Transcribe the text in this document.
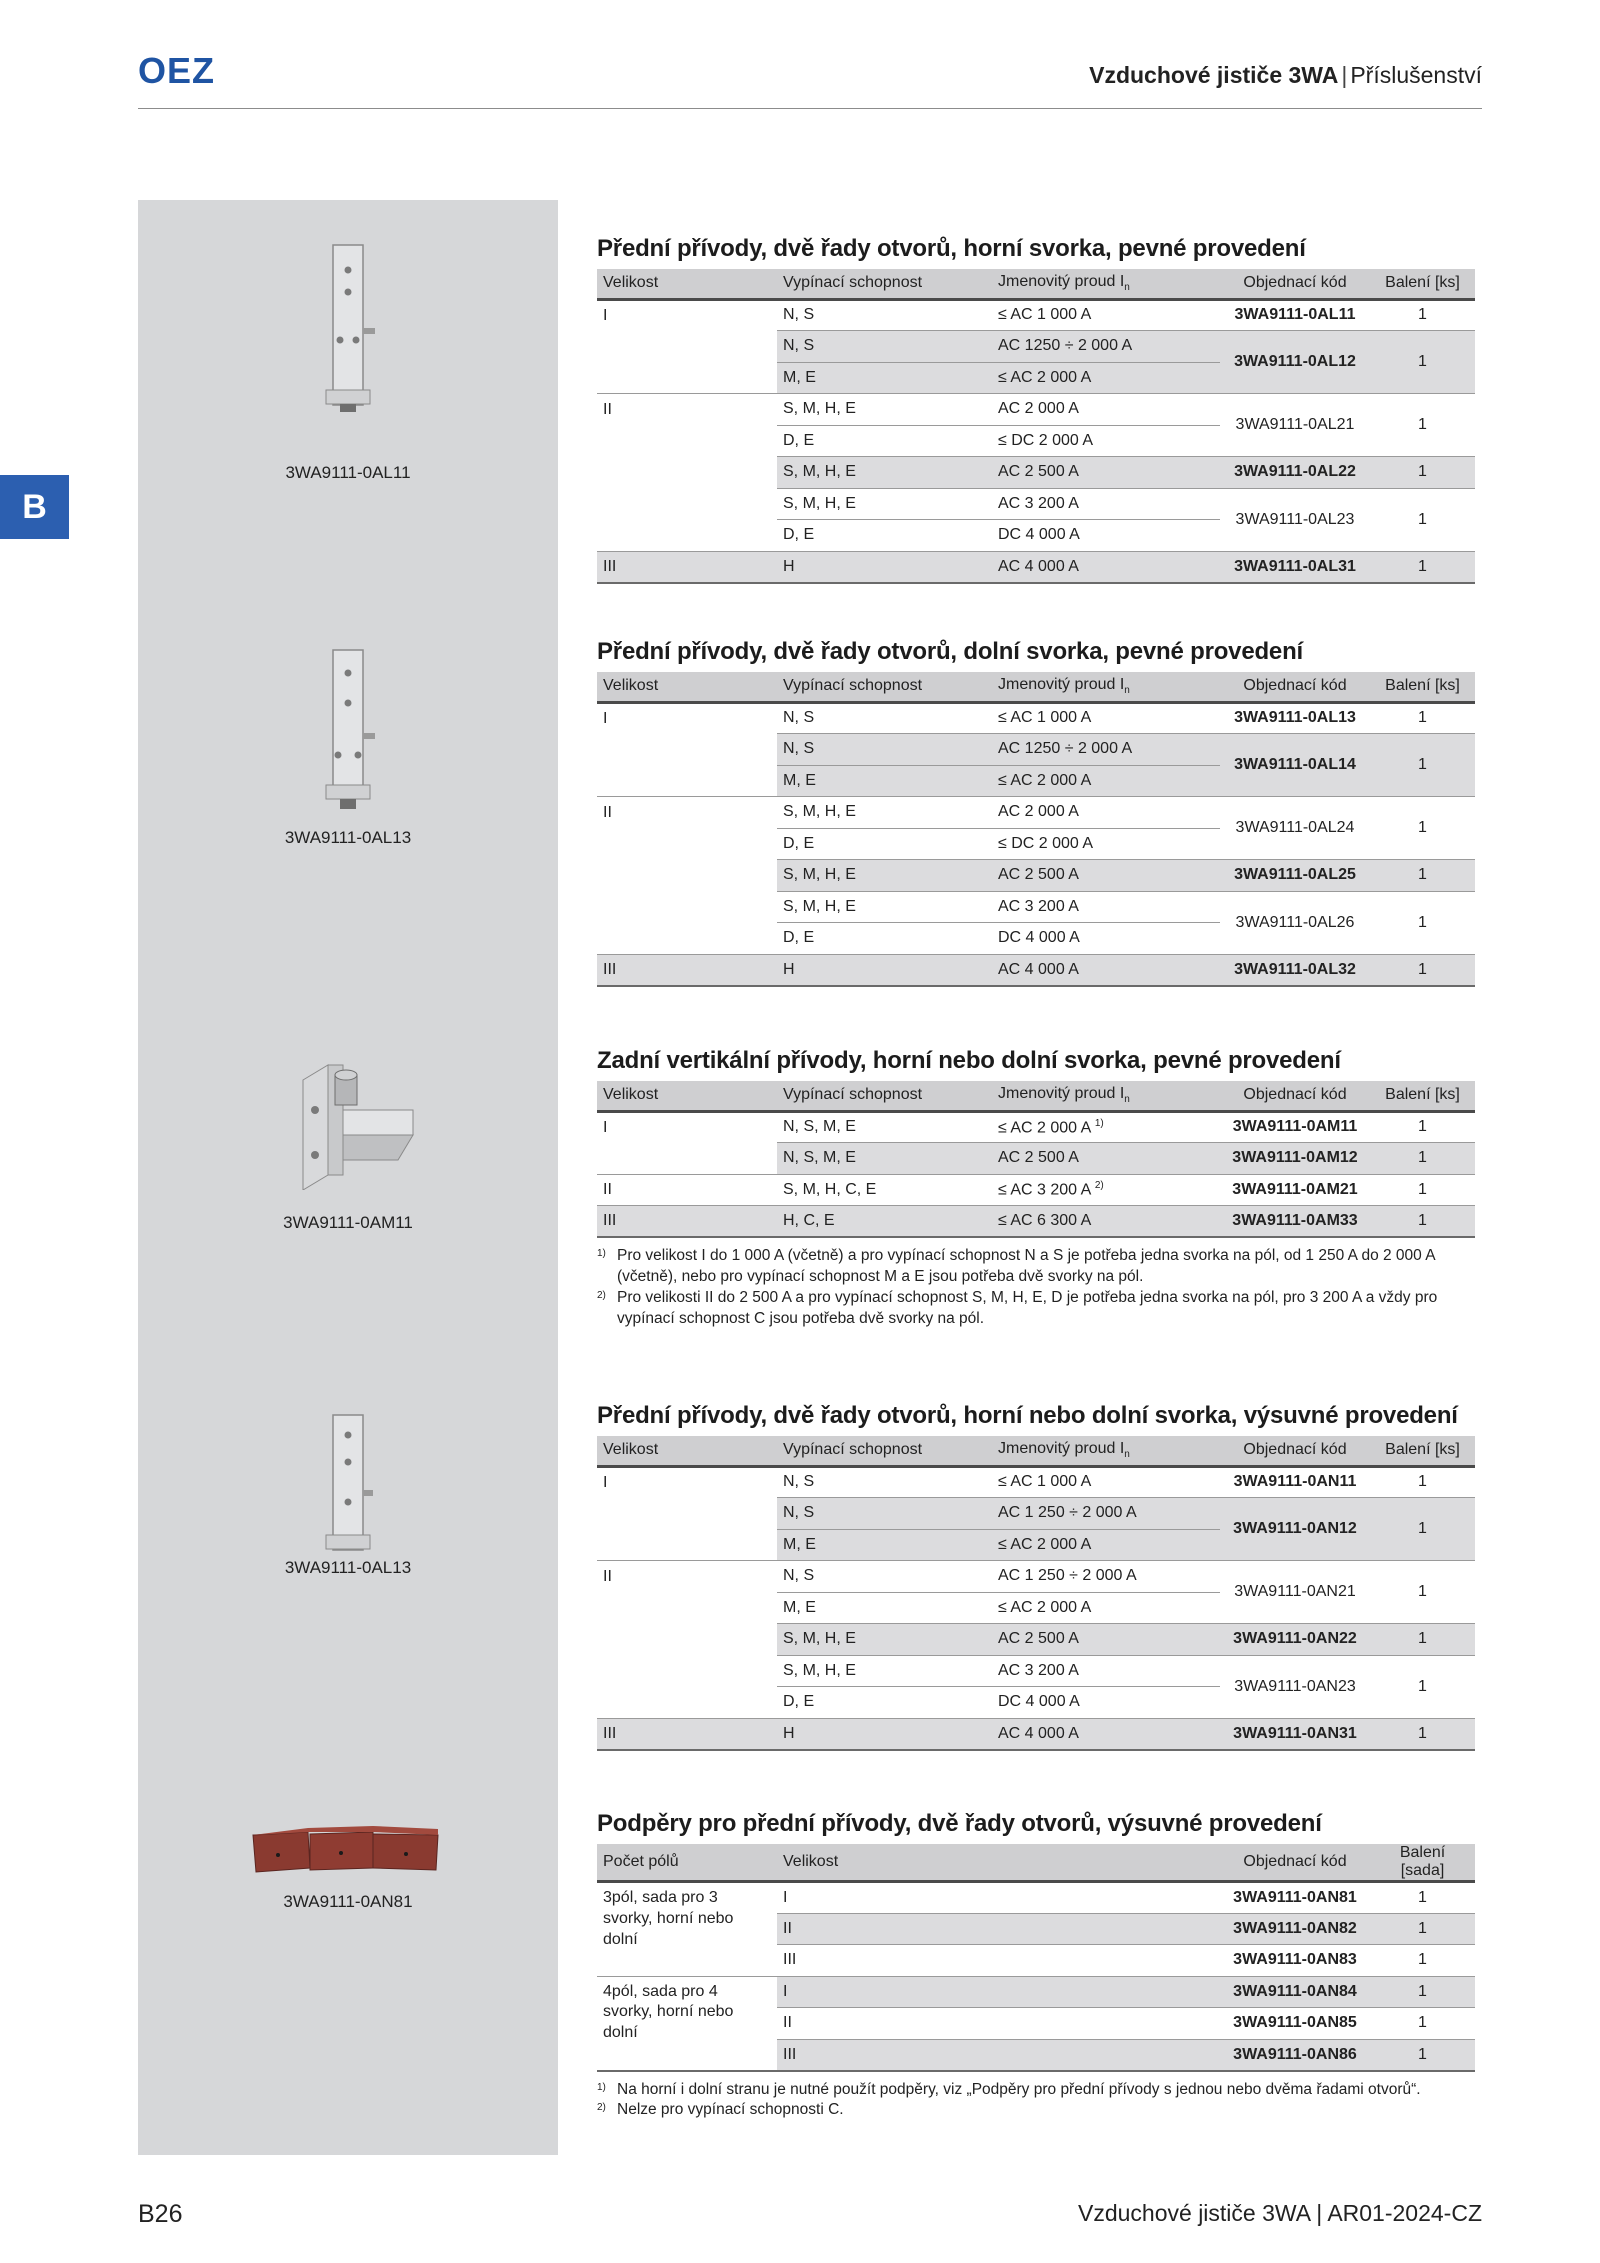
OEZ	Vzduchové jističe 3WA | Příslušenství
B
3WA9111-0AL11
3WA9111-0AL13
3WA9111-0AM11
3WA9111-0AL13
3WA9111-0AN81
Přední přívody, dvě řady otvorů, horní svorka, pevné provedení
Velikost	Vypínací schopnost	Jmenovitý proud $I_n$	Objednací kód	Balení [ks]
I	N, S	≤ AC 1 000 A	3WA9111-0AL11	1
	N, S	AC 1250 ÷ 2 000 A	3WA9111-0AL12	1
	M, E	≤ AC 2 000 A		
II	S, M, H, E	AC 2 000 A	3WA9111-0AL21	1
	D, E	≤ DC 2 000 A		
	S, M, H, E	AC 2 500 A	3WA9111-0AL22	1
	S, M, H, E	AC 3 200 A	3WA9111-0AL23	1
	D, E	DC 4 000 A		
III	H	AC 4 000 A	3WA9111-0AL31	1
Přední přívody, dvě řady otvorů, dolní svorka, pevné provedení
Velikost	Vypínací schopnost	Jmenovitý proud $I_n$	Objednací kód	Balení [ks]
I	N, S	≤ AC 1 000 A	3WA9111-0AL13	1
	N, S	AC 1250 ÷ 2 000 A	3WA9111-0AL14	1
	M, E	≤ AC 2 000 A		
II	S, M, H, E	AC 2 000 A	3WA9111-0AL24	1
	D, E	≤ DC 2 000 A		
	S, M, H, E	AC 2 500 A	3WA9111-0AL25	1
	S, M, H, E	AC 3 200 A	3WA9111-0AL26	1
	D, E	DC 4 000 A		
III	H	AC 4 000 A	3WA9111-0AL32	1
Zadní vertikální přívody, horní nebo dolní svorka, pevné provedení
Velikost	Vypínací schopnost	Jmenovitý proud $I_n$	Objednací kód	Balení [ks]
I	N, S, M, E	≤ AC 2 000 A $^{1)}$	3WA9111-0AM11	1
	N, S, M, E	AC 2 500 A	3WA9111-0AM12	1
II	S, M, H, C, E	≤ AC 3 200 A $^{2)}$	3WA9111-0AM21	1
III	H, C, E	≤ AC 6 300 A	3WA9111-0AM33	1
1) Pro velikost I do 1 000 A (včetně) a pro vypínací schopnost N a S je potřeba jedna svorka na pól, od 1 250 A do 2 000 A (včetně), nebo pro vypínací schopnost M a E jsou potřeba dvě svorky na pól.
2) Pro velikosti II do 2 500 A a pro vypínací schopnost S, M, H, E, D je potřeba jedna svorka na pól, pro 3 200 A a vždy pro vypínací schopnost C jsou potřeba dvě svorky na pól.
Přední přívody, dvě řady otvorů, horní nebo dolní svorka, výsuvné provedení
Velikost	Vypínací schopnost	Jmenovitý proud $I_n$	Objednací kód	Balení [ks]
I	N, S	≤ AC 1 000 A	3WA9111-0AN11	1
	N, S	AC 1 250 ÷ 2 000 A	3WA9111-0AN12	1
	M, E	≤ AC 2 000 A		
II	N, S	AC 1 250 ÷ 2 000 A	3WA9111-0AN21	1
	M, E	≤ AC 2 000 A		
	S, M, H, E	AC 2 500 A	3WA9111-0AN22	1
	S, M, H, E	AC 3 200 A	3WA9111-0AN23	1
	D, E	DC 4 000 A		
III	H	AC 4 000 A	3WA9111-0AN31	1
Podpěry pro přední přívody, dvě řady otvorů, výsuvné provedení
Počet pólů	Velikost	Objednací kód	Balení [sada]
3pól, sada pro 3 svorky, horní nebo dolní	I	3WA9111-0AN81	1
	II	3WA9111-0AN82	1
	III	3WA9111-0AN83	1
4pól, sada pro 4 svorky, horní nebo dolní	I	3WA9111-0AN84	1
	II	3WA9111-0AN85	1
	III	3WA9111-0AN86	1
1) Na horní i dolní stranu je nutné použít podpěry, viz „Podpěry pro přední přívody s jednou nebo dvěma řadami otvorů“.
2) Nelze pro vypínací schopnosti C.
B26	Vzduchové jističe 3WA | AR01-2024-CZ
